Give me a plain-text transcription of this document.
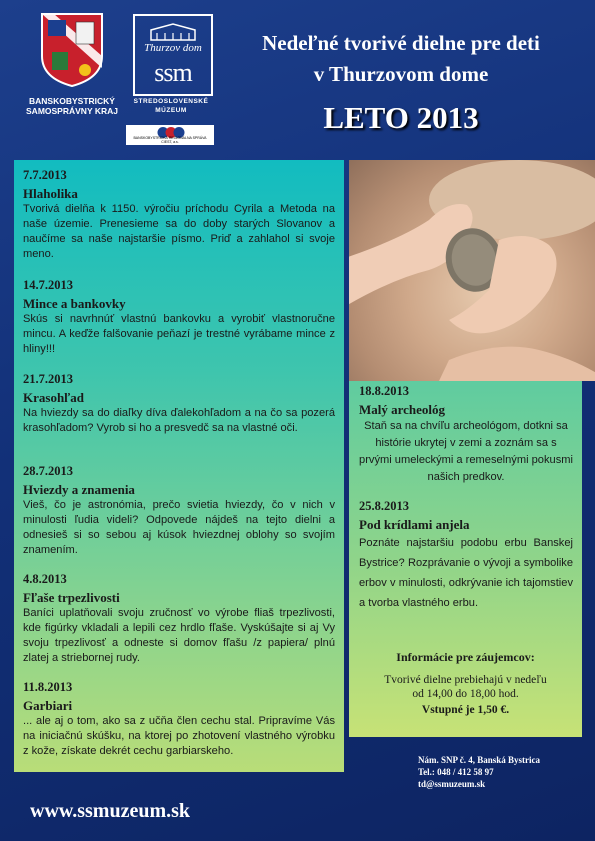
BANSKOBYSTRICKÝ
SAMOSPRÁVNY KRAJ
Thurzov dom
ssm
STREDOSLOVENSKÉ
MÚZEUM
BANSKOBYSTRICKÁ REGIONÁLNA SPRÁVA CIEST, a.s.
Nedeľné tvorivé dielne pre deti
v Thurzovom dome
LETO 2013
7.7.2013
Hlaholika
Tvorivá dielňa k 1150. výročiu príchodu Cyrila a Metoda na naše územie. Prenesieme sa do doby starých Slovanov a naučíme sa naše najstaršie písmo. Priď a zahlahol si svoje meno.
14.7.2013
Mince a bankovky
Skús si navrhnúť vlastnú bankovku a vyrobiť vlastnoručne mincu. A keďže falšovanie peňazí je trestné vyrábame mince z hliny!!!
21.7.2013
Krasohľad
Na hviezdy sa do diaľky díva ďalekohľadom a na čo sa pozerá krasohľadom? Vyrob si ho a presvedč sa na vlastné oči.
28.7.2013
Hviezdy a znamenia
Vieš, čo je astronómia, prečo svietia hviezdy, čo v nich v minulosti ľudia videli? Odpovede nájdeš na tejto dielni a odnesieš si so sebou aj kúsok hviezdnej oblohy so svojím znamením.
4.8.2013
Fľaše trpezlivosti
Baníci uplatňovali svoju zručnosť vo výrobe fliaš trpezlivosti, kde figúrky vkladali a lepili cez hrdlo fľaše. Vyskúšajte si aj Vy svoju trpezlivosť a odneste si domov fľašu /z papiera/ plnú zlatej a striebornej rudy.
11.8.2013
Garbiari
... ale aj o tom, ako sa z učňa člen cechu stal. Pripravíme Vás na iniciačnú skúšku, na ktorej po zhotovení vlastného výrobku z kože, získate dekrét cechu garbiarskeho.
18.8.2013
Malý archeológ
Staň sa na chvíľu archeológom, dotkni sa histórie ukrytej v zemi a zoznám sa s prvými umeleckými a remeselnými pokusmi našich predkov.
25.8.2013
Pod krídlami anjela
Poznáte najstaršiu podobu erbu Banskej Bystrice? Rozprávanie o vývoji a symbolike erbov v minulosti, odkrývanie ich tajomstiev a tvorba vlastného erbu.
Informácie pre záujemcov:
Tvorivé dielne prebiehajú v nedeľu
od 14,00 do 18,00 hod.
Vstupné je 1,50 €.
Nám. SNP č. 4, Banská Bystrica
Tel.: 048 / 412 58 97
td@ssmuzeum.sk
www.ssmuzeum.sk
